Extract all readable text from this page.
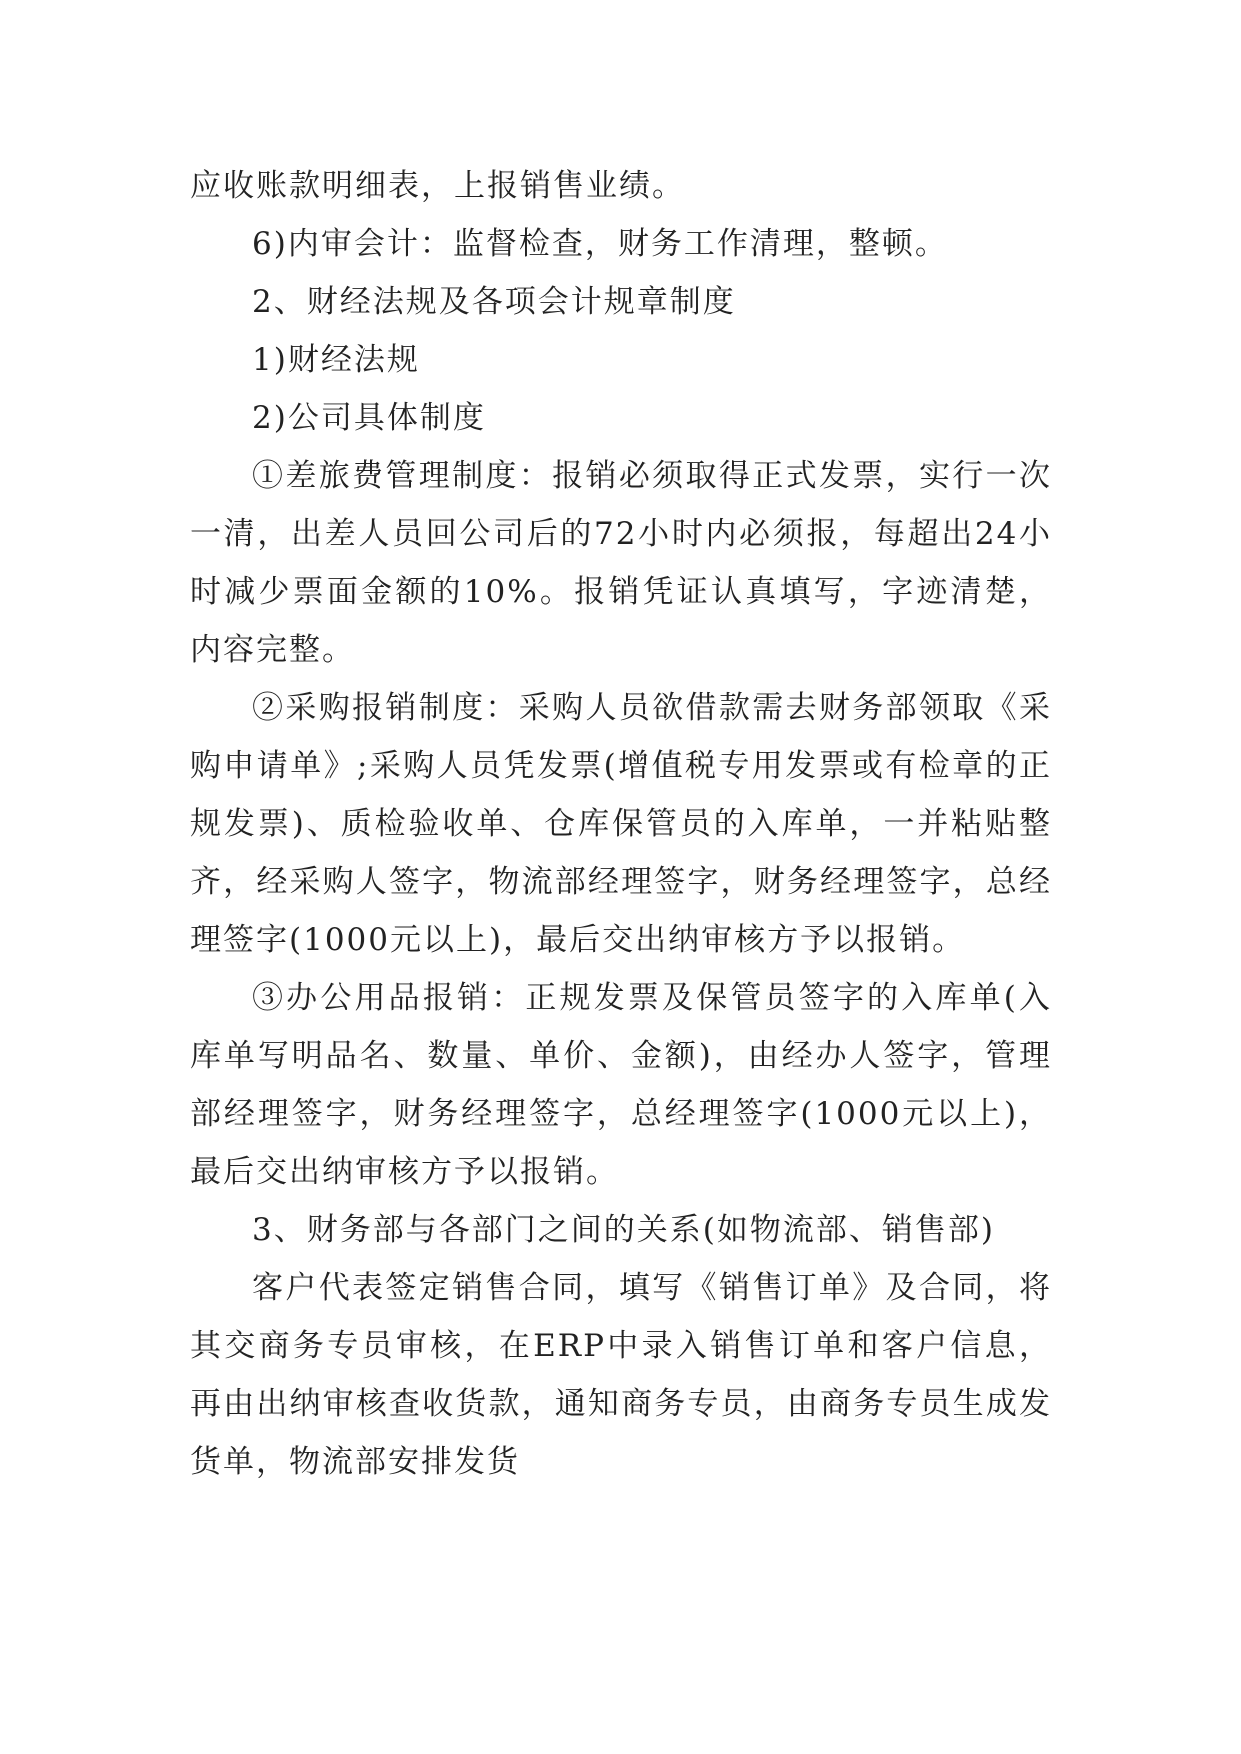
应收账款明细表，上报销售业绩。

6)内审会计：监督检查，财务工作清理，整顿。

2、财经法规及各项会计规章制度

1)财经法规

2)公司具体制度

①差旅费管理制度：报销必须取得正式发票，实行一次一清，出差人员回公司后的72小时内必须报，每超出24小时减少票面金额的10%。报销凭证认真填写，字迹清楚，内容完整。

②采购报销制度：采购人员欲借款需去财务部领取《采购申请单》;采购人员凭发票(增值税专用发票或有检章的正规发票)、质检验收单、仓库保管员的入库单，一并粘贴整齐，经采购人签字，物流部经理签字，财务经理签字，总经理签字(1000元以上)，最后交出纳审核方予以报销。

③办公用品报销：正规发票及保管员签字的入库单(入库单写明品名、数量、单价、金额)，由经办人签字，管理部经理签字，财务经理签字，总经理签字(1000元以上)，最后交出纳审核方予以报销。

3、财务部与各部门之间的关系(如物流部、销售部)

客户代表签定销售合同，填写《销售订单》及合同，将其交商务专员审核，在ERP中录入销售订单和客户信息，再由出纳审核查收货款，通知商务专员，由商务专员生成发货单，物流部安排发货
